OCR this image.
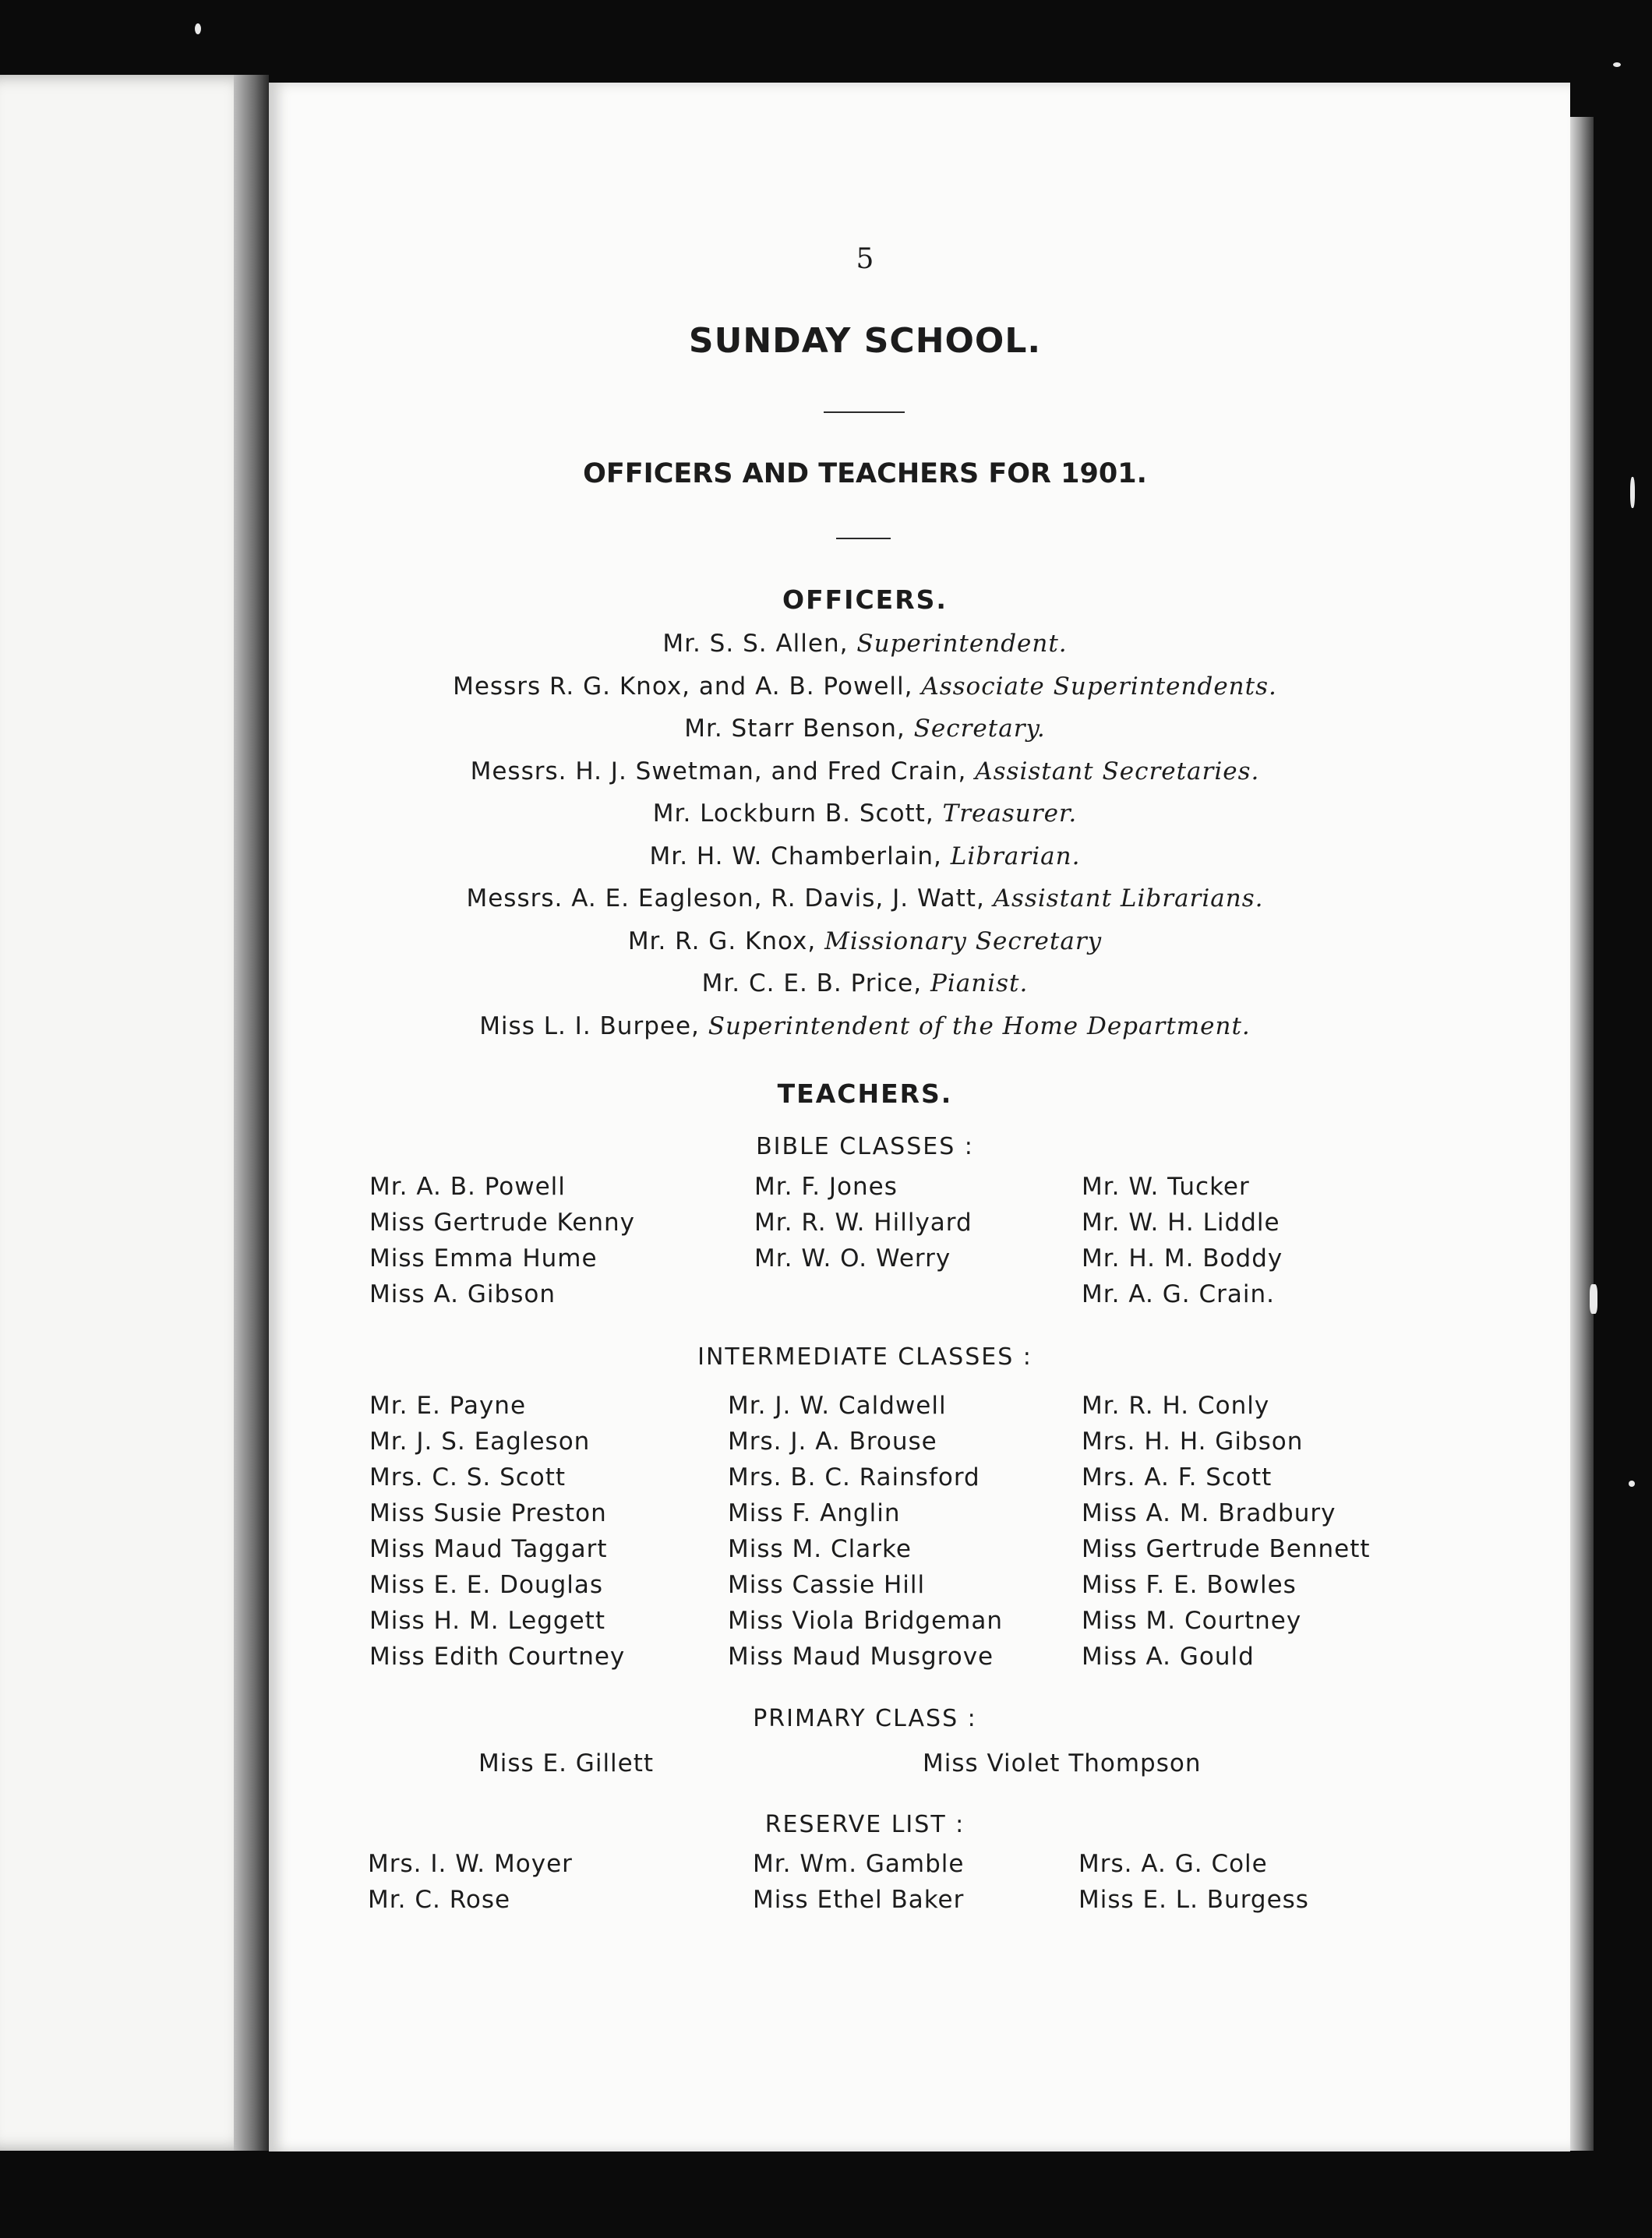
5
SUNDAY SCHOOL.
OFFICERS AND TEACHERS FOR 1901.
OFFICERS.
Mr. S. S. Allen, Superintendent.
Messrs R. G. Knox, and A. B. Powell, Associate Superintendents.
Mr. Starr Benson, Secretary.
Messrs. H. J. Swetman, and Fred Crain, Assistant Secretaries.
Mr. Lockburn B. Scott, Treasurer.
Mr. H. W. Chamberlain, Librarian.
Messrs. A. E. Eagleson, R. Davis, J. Watt, Assistant Librarians.
Mr. R. G. Knox, Missionary Secretary
Mr. C. E. B. Price, Pianist.
Miss L. I. Burpee, Superintendent of the Home Department.
TEACHERS.
BIBLE CLASSES :
Mr. A. B. Powell
Miss Gertrude Kenny
Miss Emma Hume
Miss A. Gibson
Mr. F. Jones
Mr. R. W. Hillyard
Mr. W. O. Werry
Mr. W. Tucker
Mr. W. H. Liddle
Mr. H. M. Boddy
Mr. A. G. Crain.
INTERMEDIATE CLASSES :
Mr. E. Payne
Mr. J. S. Eagleson
Mrs. C. S. Scott
Miss Susie Preston
Miss Maud Taggart
Miss E. E. Douglas
Miss H. M. Leggett
Miss Edith Courtney
Mr. J. W. Caldwell
Mrs. J. A. Brouse
Mrs. B. C. Rainsford
Miss F. Anglin
Miss M. Clarke
Miss Cassie Hill
Miss Viola Bridgeman
Miss Maud Musgrove
Mr. R. H. Conly
Mrs. H. H. Gibson
Mrs. A. F. Scott
Miss A. M. Bradbury
Miss Gertrude Bennett
Miss F. E. Bowles
Miss M. Courtney
Miss A. Gould
PRIMARY CLASS :
Miss E. Gillett	Miss Violet Thompson
RESERVE LIST :
Mrs. I. W. Moyer
Mr. C. Rose
Mr. Wm. Gamble
Miss Ethel Baker
Mrs. A. G. Cole
Miss E. L. Burgess
